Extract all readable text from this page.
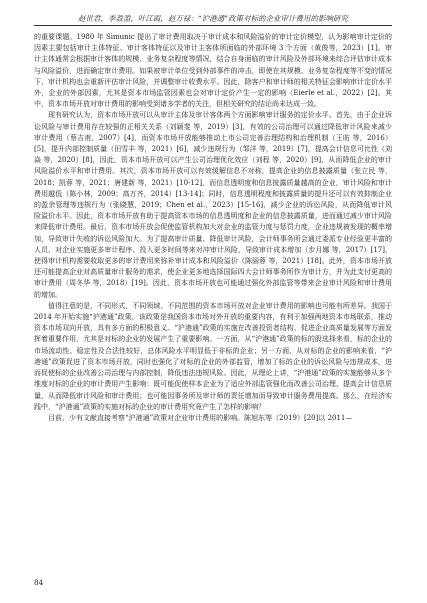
赵世君，李盈盈，叶江霞，赵万禄：“沪港通”政策对标的企业审计费用的影响研究

的重要课题。1980 年 Simunic 提出了审计费用取决于审计成本和风险溢价的审计定价模型，认为影响审计定价的因素主要包括审计主体特征、审计客体特征以及审计主客体所面临的外部环境 3 个方面（黄俊等，2023）[1]。审计主体通常会根据审计客体的规模、业务复杂程度等情况，结合自身面临的审计风险及外部环境来综合评估审计成本与风险溢价，进而确定审计费用。如果被审计单位受到外部事件的冲击，即使在其规模、业务复杂程度等不变的情况下，审计机构也会重新评估审计风险，并调整审计收费水平。因此，除客户和审计师的相关特征会影响审计定价水平外，企业的外部因素，尤其是资本市场监管因素也会对审计定价产生一定的影响（Eierle et al.，2022）[2]。其中，资本市场开放对审计费用的影响受到诸多学者的关注，但相关研究的结论尚未达成一致。

现有研究认为，资本市场开放可以从审计主体及审计客体两个方面影响审计服务的定价水平。首先，由于企业诉讼风险与审计费用存在较强的正相关关系（刘颖斐 等，2019）[3]，有效的公司治理可以通过降低审计风险来减少审计费用（蔡吉甫，2007）[4]，而资本市场开放能够推动上市公司完善治理结构和治理机制（王昉 等，2016）[5]，提升内部控制质量（田雪丰 等，2021）[6]，减少违规行为（邹洋 等，2019）[7]，提高会计信息可比性（刘焱 等，2020）[8]，因此，资本市场开放可以产生公司治理优化效应（刘程 等，2020）[9]，从而降低企业的审计风险溢价水平和审计费用。其次，资本市场开放可以有效缓解信息不对称，提高企业的信息披露质量（张立民 等，2018；凯蓉 等，2021；唐建新 等，2021）[10-12]，而信息透明度和信息披露质量越高的企业，审计风险和审计费用越低（陈小林，2009；高万齐，2014）[13-14]；同时，信息透明程度和披露质量的提升还可以有效抑制企业的盈余管理等违规行为（张晓慧，2019；Chen et al.，2023）[15-16]，减少企业的诉讼风险，从而降低审计风险溢价水平。因此，资本市场开放有助于提高资本市场的信息透明度和企业的信息披露质量，进而通过减少审计风险来降低审计费用。最后，资本市场开放会促使监管机构加大对企业的监管力度与惩罚力度，企业违规被发现的概率增加，导致审计失败的诉讼风险加大。为了提高审计质量、降低审计风险，会计师事务所会通过委派专业经验更丰富的人员、对企业实施更多审计程序、投入更多时间等来对冲审计风险，导致审计成本增加（步月娜 等，2017）[17]，使得审计机构需要收取更多的审计费用来弥补审计成本和风险溢价（陈丽蓉 等，2021）[18]。此外，资本市场开放还可能提高企业对高质量审计服务的需求，使企业更多地选择国际四大会计师事务所作为审计方，并为此支付更高的审计费用（周冬华 等，2018）[19]。因此，资本市场开放也可能通过强化外部监管等带来企业审计风险和审计费用的增加。

值得注意的是，不同形式、不同领域、不同范围的资本市场开放对企业审计费用的影响也可能有所差异。我国于 2014 年开始实施“沪港通”政策，该政策是我国资本市场对外开放的重要内容，有利于加强两地资本市场联系，推动资本市场双向开放，具有多方面的积极意义。“沪港通”政策的实施在改善投资者结构、促进企业高质量发展等方面发挥着重要作用，尤其是对标的企业的发展产生了重要影响。一方面，从“沪港通”政策的标的股选择来看，标的企业的市场流动性、稳定性及合法性较好，总体风险水平明显低于非标的企业；另一方面，从对标的企业的影响来看，“沪港通”政策促进了资本市场开放，同时也强化了对标的企业的外部监管，增加了标的企业的诉讼风险与违规成本，进而促使标的企业改善公司治理与内部控制，降低违法违规风险。因此，从理论上讲，“沪港通”政策的实施能够从多个维度对标的企业的审计费用产生影响：既可能促使样本企业为了适应外部监管强化而改善公司治理、提高会计信息质量，从而降低审计风险和审计费用；也可能因事务所及审计师的责任增加而导致审计服务费用提高。那么，在经济实践中，“沪港通”政策的实施对标的企业的审计费用究竟产生了怎样的影响？

目前，少有文献直接考察“沪港通”政策对企业审计费用的影响。陈旭东等（2019）[20]以 2011—

84
